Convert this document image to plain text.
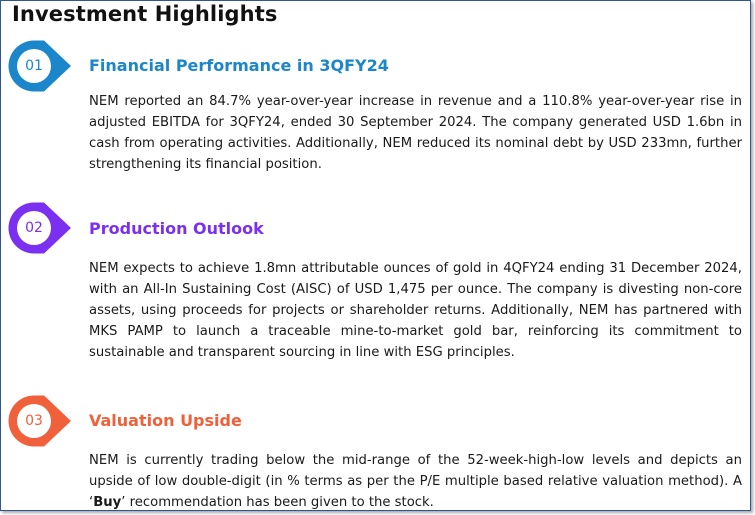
Investment Highlights
01	Financial Performance in 3QFY24
NEM reported an 84.7% year-over-year increase in revenue and a 110.8% year-over-year rise in adjusted EBITDA for 3QFY24, ended 30 September 2024. The company generated USD 1.6bn in cash from operating activities. Additionally, NEM reduced its nominal debt by USD 233mn, further strengthening its financial position.
02	Production Outlook
NEM expects to achieve 1.8mn attributable ounces of gold in 4QFY24 ending 31 December 2024, with an All-In Sustaining Cost (AISC) of USD 1,475 per ounce. The company is divesting non-core assets, using proceeds for projects or shareholder returns. Additionally, NEM has partnered with MKS PAMP to launch a traceable mine-to-market gold bar, reinforcing its commitment to sustainable and transparent sourcing in line with ESG principles.
03	Valuation Upside
NEM is currently trading below the mid-range of the 52-week-high-low levels and depicts an upside of low double-digit (in % terms as per the P/E multiple based relative valuation method). A ‘Buy’ recommendation has been given to the stock.
